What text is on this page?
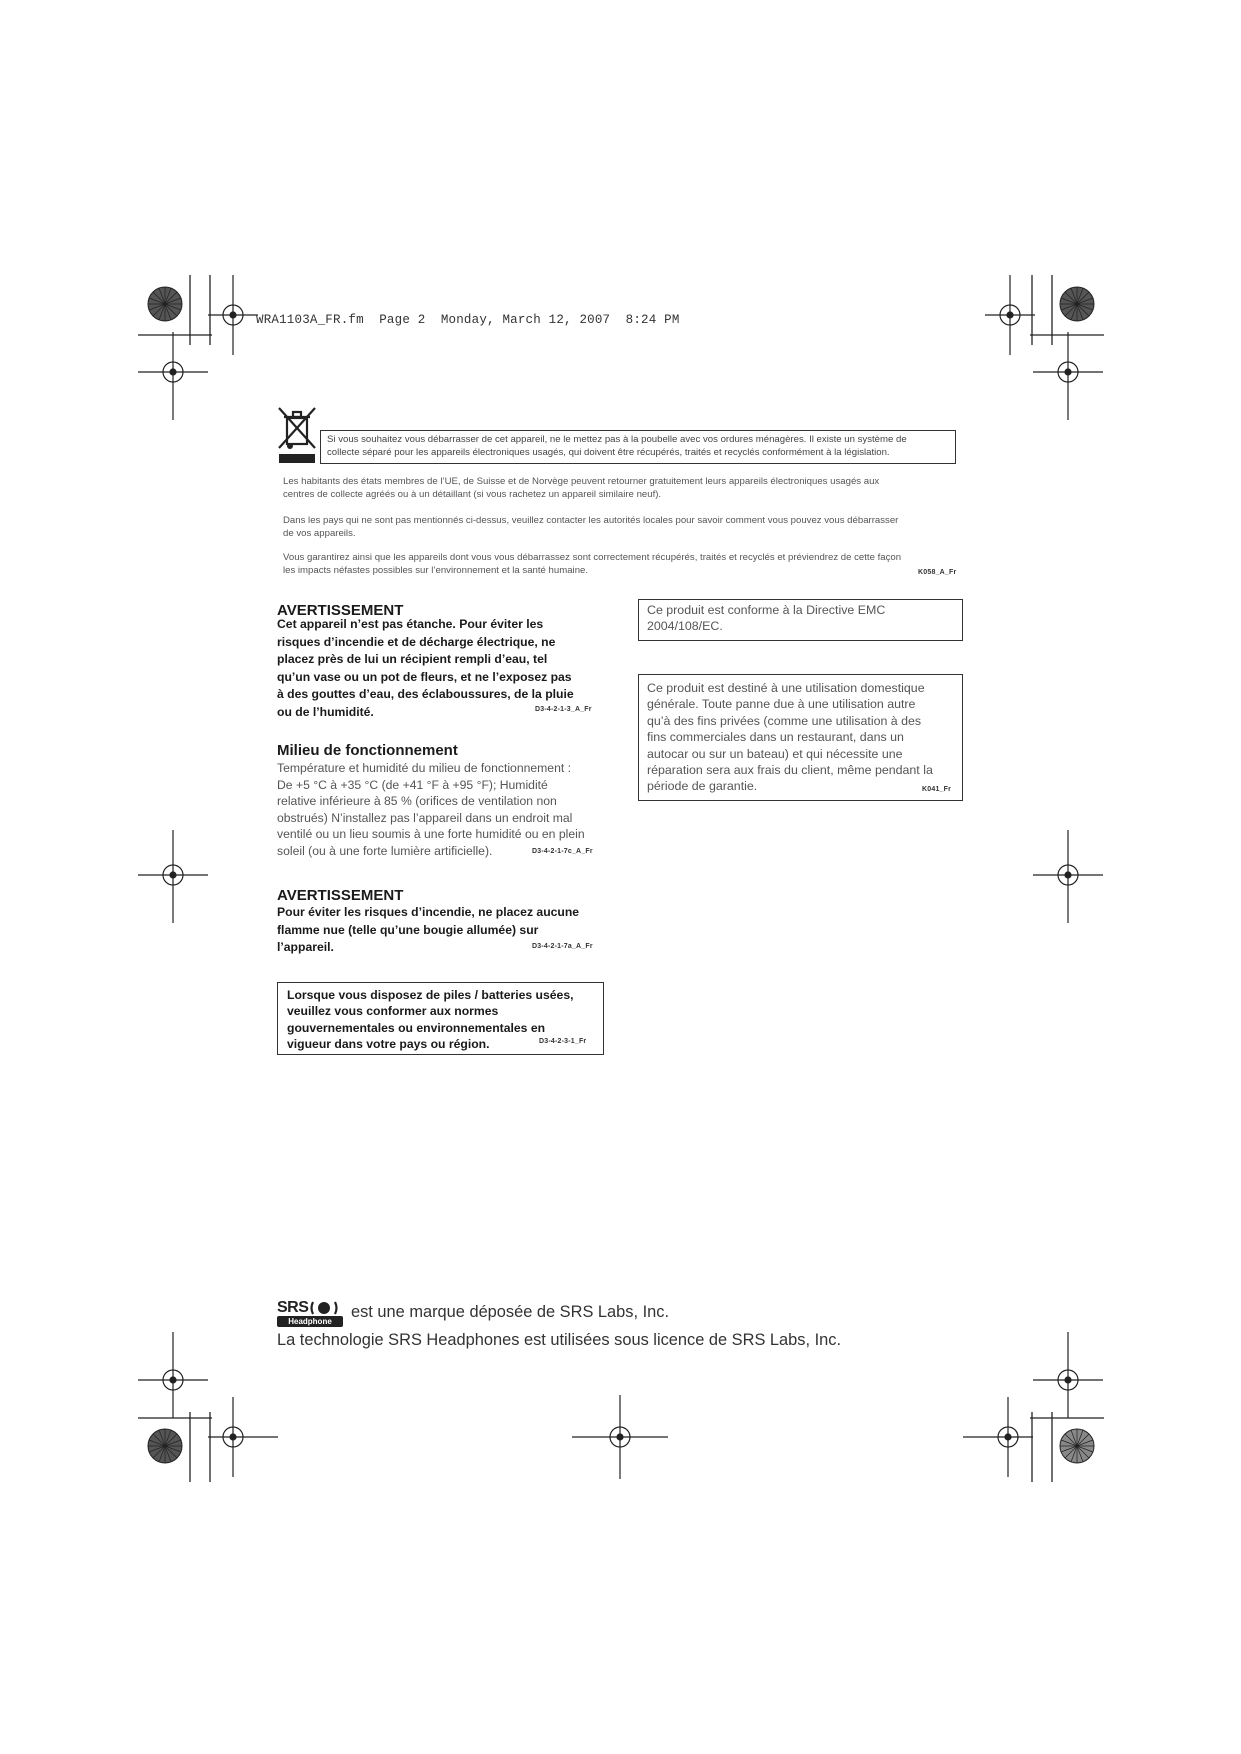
WRA1103A_FR.fm  Page 2  Monday, March 12, 2007  8:24 PM
Si vous souhaitez vous débarrasser de cet appareil, ne le mettez pas à la poubelle avec vos ordures ménagères. Il existe un système de
collecte séparé pour les appareils électroniques usagés, qui doivent être récupérés, traités et recyclés conformément à la législation.
Les habitants des états membres de l’UE, de Suisse et de Norvège peuvent retourner gratuitement leurs appareils électroniques usagés aux
centres de collecte agréés ou à un détaillant (si vous rachetez un appareil similaire neuf).
Dans les pays qui ne sont pas mentionnés ci-dessus, veuillez contacter les autorités locales pour savoir comment vous pouvez vous débarrasser
de vos appareils.
Vous garantirez ainsi que les appareils dont vous vous débarrassez sont correctement récupérés, traités et recyclés et préviendrez de cette façon
les impacts néfastes possibles sur l’environnement et la santé humaine.	K058_A_Fr
AVERTISSEMENT
Cet appareil n’est pas étanche. Pour éviter les
risques d’incendie et de décharge électrique, ne
placez près de lui un récipient rempli d’eau, tel
qu’un vase ou un pot de fleurs, et ne l’exposez pas
à des gouttes d’eau, des éclaboussures, de la pluie
ou de l’humidité.	D3-4-2-1-3_A_Fr
Milieu de fonctionnement
Température et humidité du milieu de fonctionnement :
De +5 °C à +35 °C (de +41 °F à +95 °F); Humidité
relative inférieure à 85 % (orifices de ventilation non
obstrués) N’installez pas l’appareil dans un endroit mal
ventilé ou un lieu soumis à une forte humidité ou en plein
soleil (ou à une forte lumière artificielle).	D3-4-2-1-7c_A_Fr
AVERTISSEMENT
Pour éviter les risques d’incendie, ne placez aucune
flamme nue (telle qu’une bougie allumée) sur
l’appareil.	D3-4-2-1-7a_A_Fr
Lorsque vous disposez de piles / batteries usées,
veuillez vous conformer aux normes
gouvernementales ou environnementales en
vigueur dans votre pays ou région.	D3-4-2-3-1_Fr
Ce produit est conforme à la Directive EMC
2004/108/EC.
Ce produit est destiné à une utilisation domestique
générale. Toute panne due à une utilisation autre
qu’à des fins privées (comme une utilisation à des
fins commerciales dans un restaurant, dans un
autocar ou sur un bateau) et qui nécessite une
réparation sera aux frais du client, même pendant la
période de garantie.	K041_Fr
SRS
Headphone
est une marque déposée de SRS Labs, Inc.
La technologie SRS Headphones est utilisées sous licence de SRS Labs, Inc.
